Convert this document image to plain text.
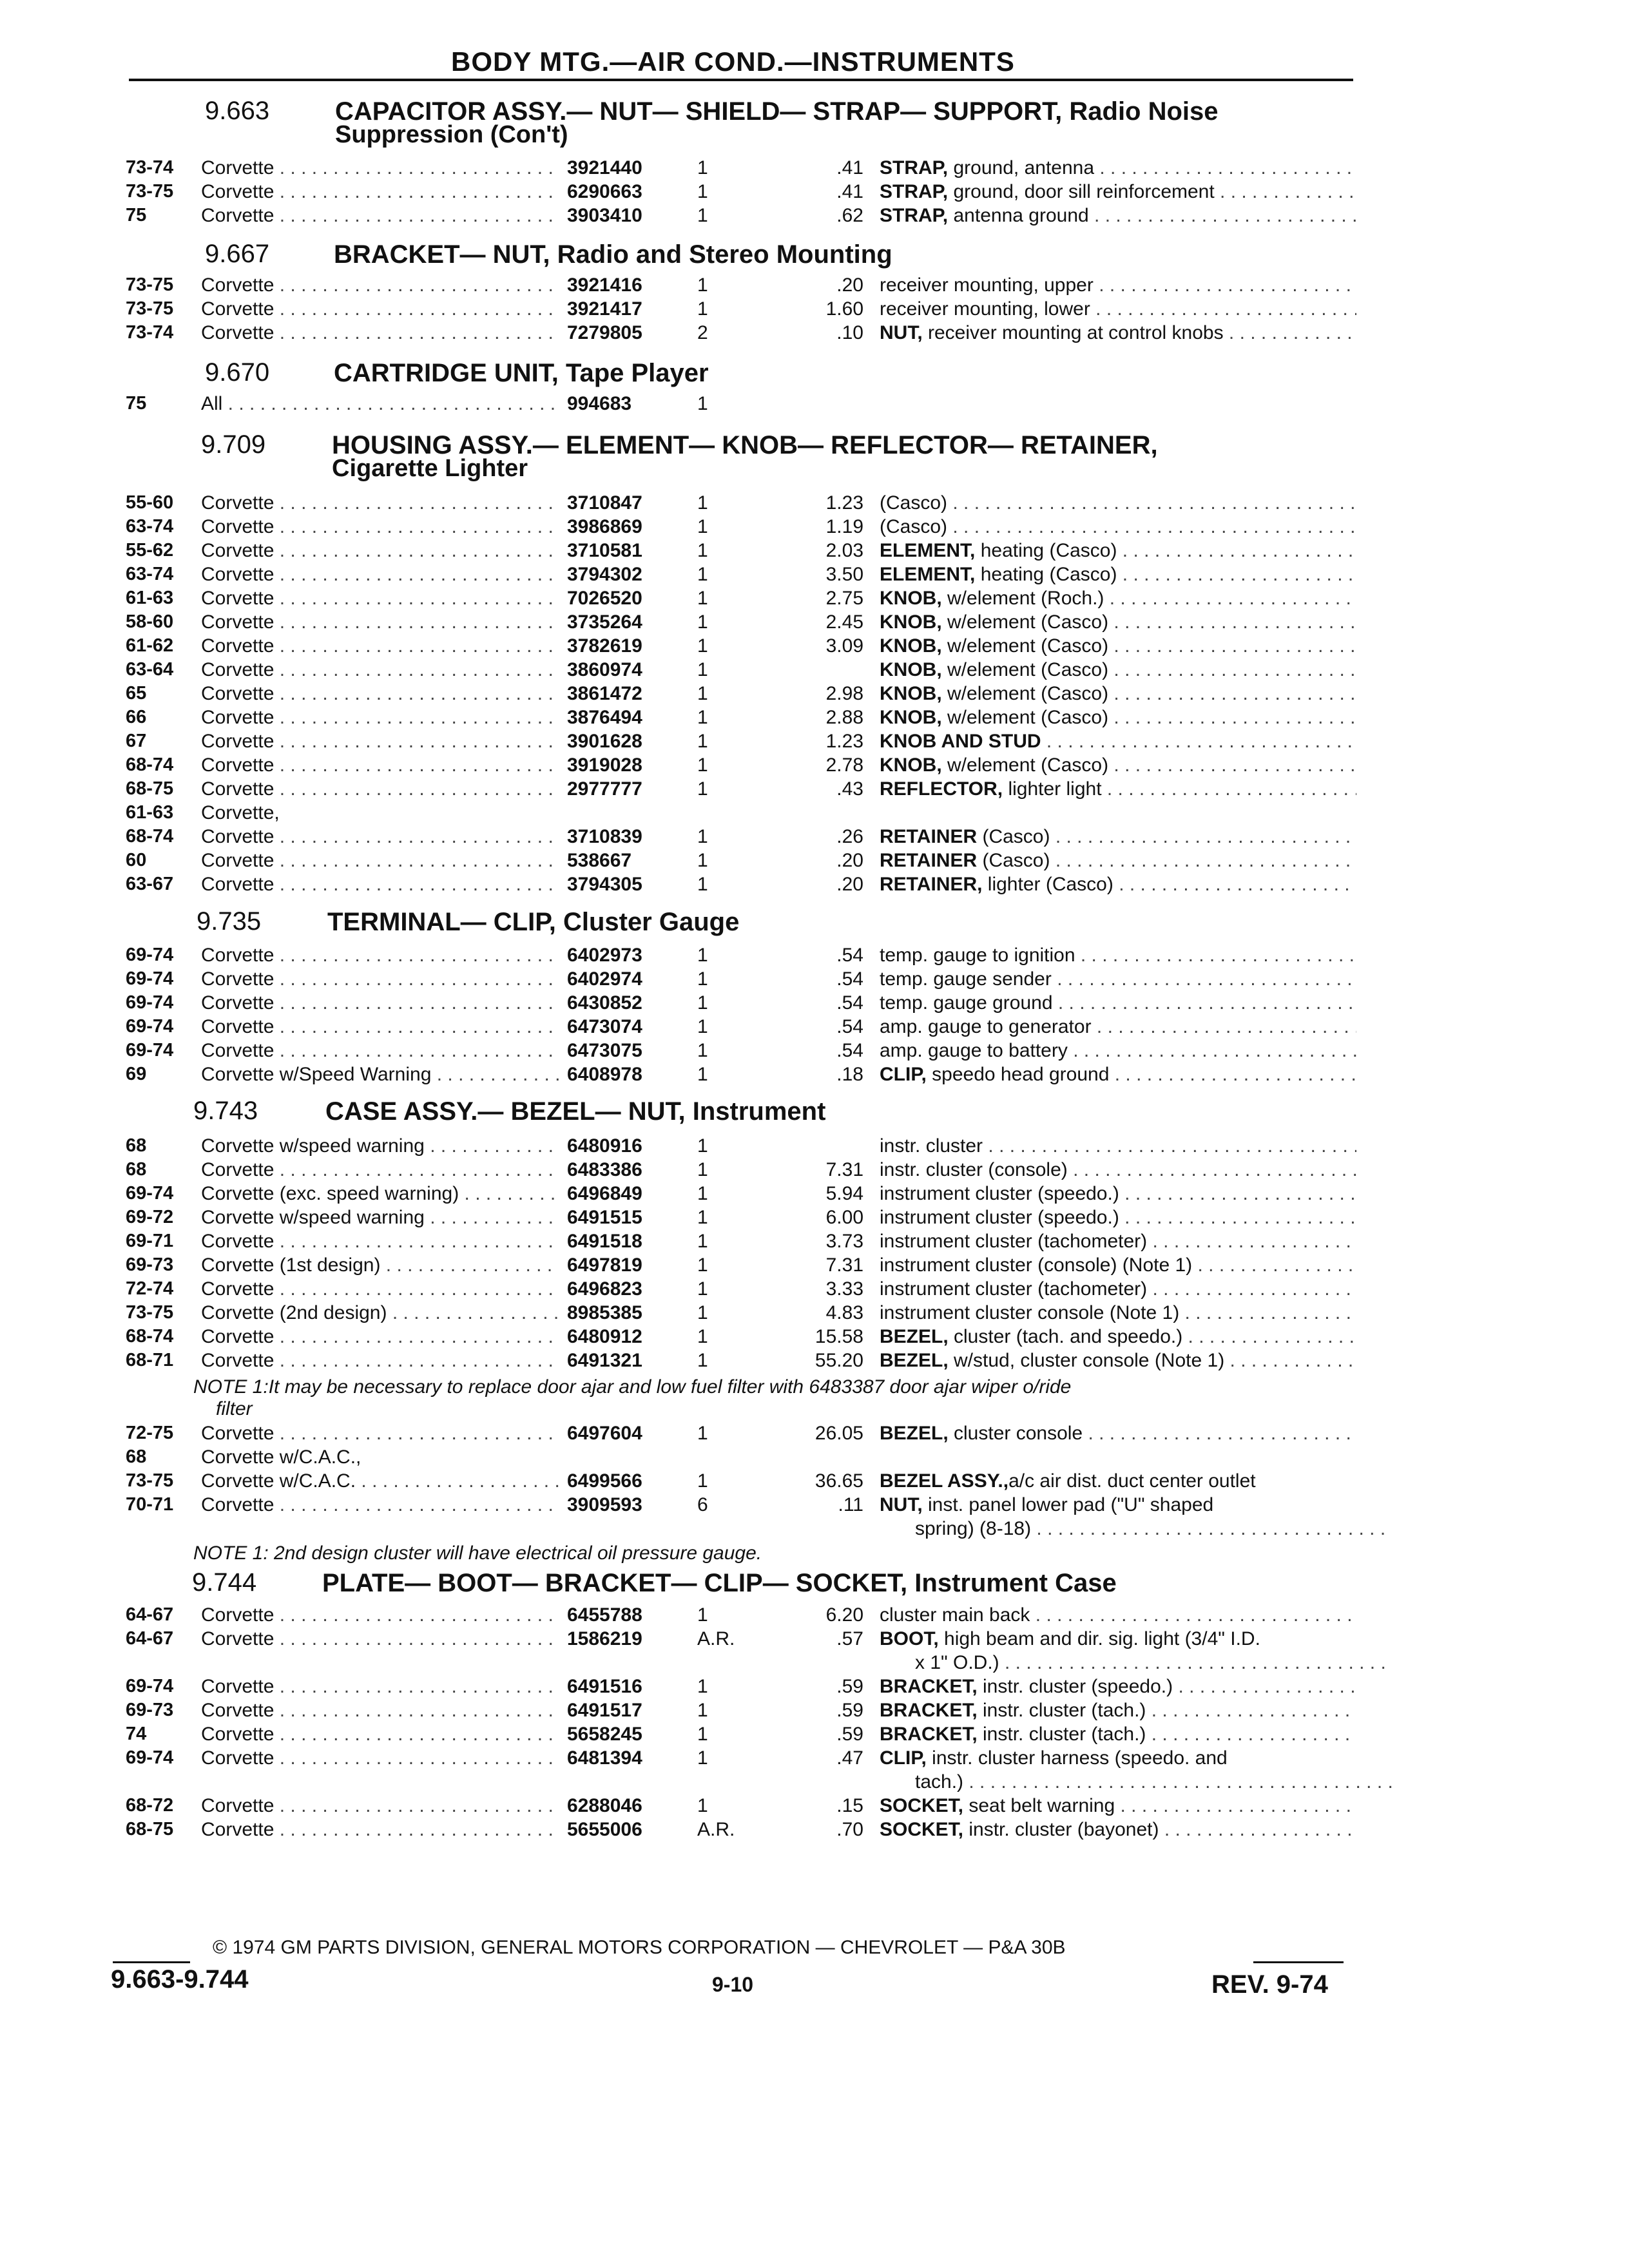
BODY MTG.—AIR COND.—INSTRUMENTS
9.663	CAPACITOR ASSY.— NUT— SHIELD— STRAP— SUPPORT, Radio Noise
Suppression (Con't)
73-74 Corvette . . .	3921440	1	.41 STRAP, ground, antenna . . .
73-75 Corvette . . .	6290663	1	.41 STRAP, ground, door sill reinforcement . . .
75	Corvette . . .	3903410	1	.62 STRAP, antenna ground . . .
9.667 BRACKET— NUT, Radio and Stereo Mounting
73-75 Corvette . . .	3921416	1	.20 receiver mounting, upper . . .
73-75 Corvette . . .	3921417	1	1.60 receiver mounting, lower . . .
73-74 Corvette . . .	7279805	2	.10 NUT, receiver mounting at control knobs . . .
9.670 CARTRIDGE UNIT, Tape Player
75	All . . .	994683	1
9.709	HOUSING ASSY.— ELEMENT— KNOB— REFLECTOR— RETAINER,
Cigarette Lighter
55-60 Corvette . . .	3710847	1	1.23 (Casco) . . .
63-74 Corvette . . .	3986869	1	1.19 (Casco) . . .
55-62 Corvette . . .	3710581	1	2.03 ELEMENT, heating (Casco) . . .
63-74 Corvette . . .	3794302	1	3.50 ELEMENT, heating (Casco) . . .
61-63 Corvette . . .	7026520	1	2.75 KNOB, w/element (Roch.) . . .
58-60 Corvette . . .	3735264	1	2.45 KNOB, w/element (Casco) . . .
61-62 Corvette . . .	3782619	1	3.09 KNOB, w/element (Casco) . . .
63-64 Corvette . . .	3860974	1	KNOB, w/element (Casco) . . .
65	Corvette . . .	3861472	1	2.98 KNOB, w/element (Casco) . . .
66	Corvette . . .	3876494	1	2.88 KNOB, w/element (Casco) . . .
67	Corvette . . .	3901628	1	1.23 KNOB AND STUD . . .
68-74 Corvette . . .	3919028	1	2.78 KNOB, w/element (Casco) . . .
68-75 Corvette . . .	2977777	1	.43 REFLECTOR, lighter light . . .
61-63 Corvette,
68-74 Corvette . . .	3710839	1	.26 RETAINER (Casco) . . .
60	Corvette . . .	538667	1	.20 RETAINER (Casco) . . .
63-67 Corvette . . .	3794305	1	.20 RETAINER, lighter (Casco) . . .
9.735	TERMINAL— CLIP, Cluster Gauge
69-74 Corvette . . .	6402973	1	.54 temp. gauge to ignition . . .
69-74 Corvette . . .	6402974	1	.54 temp. gauge sender . . .
69-74 Corvette . . .	6430852	1	.54 temp. gauge ground . . .
69-74 Corvette . . .	6473074	1	.54 amp. gauge to generator . . .
69-74 Corvette . . .	6473075	1	.54 amp. gauge to battery . . .
69	Corvette w/Speed Warning . . .	6408978	1	.18 CLIP, speedo head ground . . .
9.743	CASE ASSY.— BEZEL— NUT, Instrument
68	Corvette w/speed warning . . .	6480916	1	instr. cluster . . .
68	Corvette . . .	6483386	1	7.31 instr. cluster (console) . . .
69-74 Corvette (exc. speed warning) . . .	6496849	1	5.94 instrument cluster (speedo.) . . .
69-72 Corvette w/speed warning . . .	6491515	1	6.00 instrument cluster (speedo.) . . .
69-71 Corvette . . .	6491518	1	3.73 instrument cluster (tachometer) . . .
69-73 Corvette (1st design) . . .	6497819	1	7.31 instrument cluster (console) (Note 1) . . .
72-74 Corvette . . .	6496823	1	3.33 instrument cluster (tachometer) . . .
73-75 Corvette (2nd design) . . .	8985385	1	4.83 instrument cluster console (Note 1) . . .
68-74 Corvette . . .	6480912	1	15.58 BEZEL, cluster (tach. and speedo.) . . .
68-71 Corvette . . .	6491321	1	55.20 BEZEL, w/stud, cluster console (Note 1) . . .
NOTE 1:It may be necessary to replace door ajar and low fuel filter with 6483387 door ajar wiper o/ride
filter
72-75 Corvette . . .	6497604	1	26.05 BEZEL, cluster console . . .
68	Corvette w/C.A.C.,
73-75 Corvette w/C.A.C. . . .	6499566	1	36.65 BEZEL ASSY.,a/c air dist. duct center outlet
70-71 Corvette . . .	3909593	6	.11 NUT, inst. panel lower pad ("U" shaped
spring) (8-18) . . .
NOTE 1: 2nd design cluster will have electrical oil pressure gauge.
9.744	PLATE— BOOT— BRACKET— CLIP— SOCKET, Instrument Case
64-67 Corvette . . .	6455788	1	6.20 cluster main back . . .
64-67 Corvette . . .	1586219	A.R.	.57 BOOT, high beam and dir. sig. light (3/4" I.D.
x 1" O.D.) . . .
69-74 Corvette . . .	6491516	1	.59 BRACKET, instr. cluster (speedo.) . . .
69-73 Corvette . . .	6491517	1	.59 BRACKET, instr. cluster (tach.) . . .
74	Corvette . . .	5658245	1	.59 BRACKET, instr. cluster (tach.) . . .
69-74 Corvette . . .	6481394	1	.47 CLIP, instr. cluster harness (speedo. and
tach.) . . .
68-72 Corvette . . .	6288046	1	.15 SOCKET, seat belt warning . . .
68-75 Corvette . . .	5655006	A.R.	.70 SOCKET, instr. cluster (bayonet) . . .
© 1974 GM PARTS DIVISION, GENERAL MOTORS CORPORATION — CHEVROLET — P&A 30B
9.663-9.744	9-10	REV. 9-74
